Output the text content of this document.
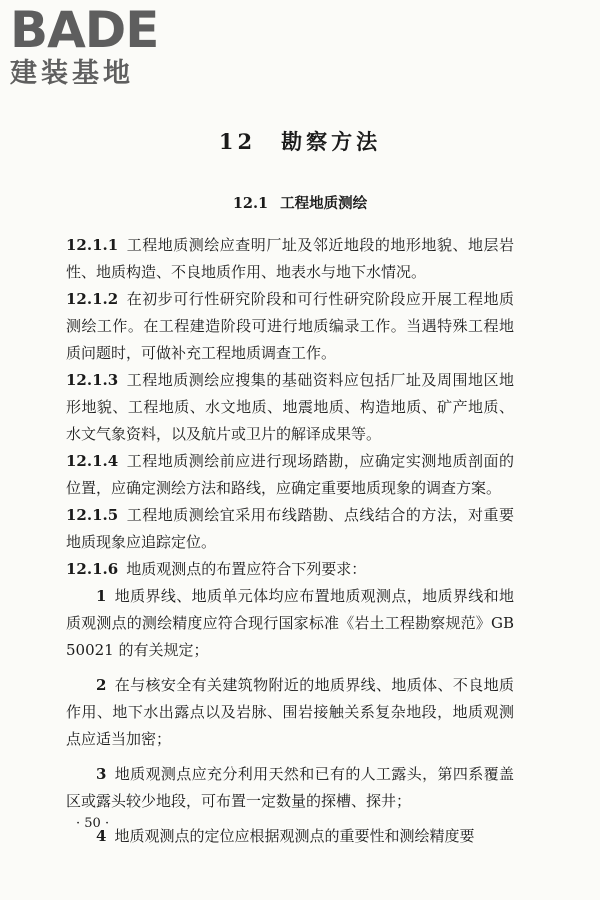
BADE
建装基地
12　 勘察方法
12.1 工程地质测绘

12.1.1 工程地质测绘应查明厂址及邻近地段的地形地貌、地层岩性、地质构造、不良地质作用、地表水与地下水情况。

12.1.2 在初步可行性研究阶段和可行性研究阶段应开展工程地质测绘工作。在工程建造阶段可进行地质编录工作。当遇特殊工程地质问题时，可做补充工程地质调查工作。

12.1.3 工程地质测绘应搜集的基础资料应包括厂址及周围地区地形地貌、工程地质、水文地质、地震地质、构造地质、矿产地质、水文气象资料，以及航片或卫片的解译成果等。

12.1.4 工程地质测绘前应进行现场踏勘，应确定实测地质剖面的位置，应确定测绘方法和路线，应确定重要地质现象的调查方案。

12.1.5 工程地质测绘宜采用布线踏勘、点线结合的方法，对重要地质现象应追踪定位。

12.1.6 地质观测点的布置应符合下列要求：

1 地质界线、地质单元体均应布置地质观测点，地质界线和地质观测点的测绘精度应符合现行国家标准《岩土工程勘察规范》GB 50021 的有关规定；

2 在与核安全有关建筑物附近的地质界线、地质体、不良地质作用、地下水出露点以及岩脉、围岩接触关系复杂地段，地质观测点应适当加密；

3 地质观测点应充分利用天然和已有的人工露头，第四系覆盖区或露头较少地段，可布置一定数量的探槽、探井；

4 地质观测点的定位应根据观测点的重要性和测绘精度要

· 50 ·
